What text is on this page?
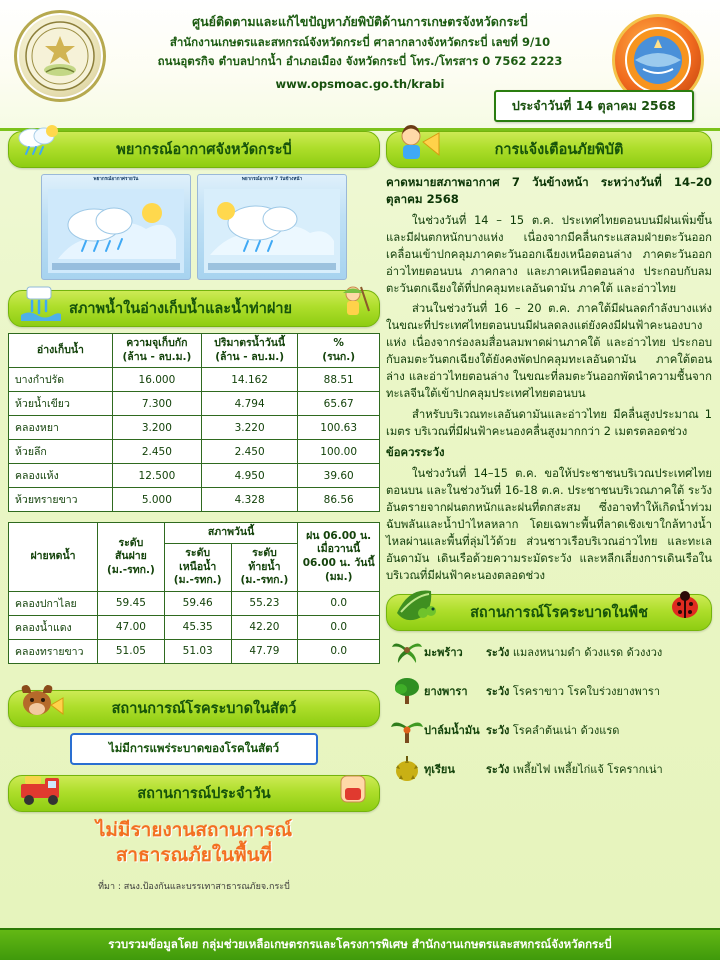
ศูนย์ติดตามและแก้ไขปัญหาภัยพิบัติด้านการเกษตรจังหวัดกระบี่
สำนักงานเกษตรและสหกรณ์จังหวัดกระบี่ ศาลากลางจังหวัดกระบี่ เลขที่ 9/10
ถนนอุตรกิจ ตำบลปากน้ำ อำเภอเมือง จังหวัดกระบี่ โทร./โทรสาร 0 7562 2223
www.opsmoac.go.th/krabi
ประจำวันที่ 14 ตุลาคม 2568
พยากรณ์อากาศจังหวัดกระบี่
พยากรณ์อากาศรายวัน	พยากรณ์อากาศ 7 วันข้างหน้า
สภาพน้ำในอ่างเก็บน้ำและน้ำท่าฝาย
อ่างเก็บน้ำ

ความจุเก็บกัก
(ล้าน - ลบ.ม.)

ปริมาตรน้ำวันนี้
(ล้าน - ลบ.ม.)

%
(รนก.)

บางกำปรัด	16.000	14.162	88.51
ห้วยน้ำเขียว	7.300	4.794	65.67
คลองหยา	3.200	3.220	100.63
ห้วยลึก	2.450	2.450	100.00
คลองแห้ง	12.500	4.950	39.60
ห้วยทรายขาว	5.000	4.328	86.56
ฝายหดน้ำ

ระดับ
สันฝาย
(ม.-รทก.)

สภาพวันนี้	ฝน 06.00 น.
เมื่อวานนี้
06.00 น. วันนี้
(มม.)

ระดับ
เหนือน้ำ
(ม.-รทก.)

ระดับ
ท้ายน้ำ
(ม.-รทก.)

คลองปกาไลย	59.45	59.46	55.23	0.0
คลองน้ำแดง	47.00	45.35	42.20	0.0
คลองทรายขาว	51.05	51.03	47.79	0.0
สถานการณ์โรคระบาดในสัตว์
ไม่มีการแพร่ระบาดของโรคในสัตว์
สถานการณ์ประจำวัน
ไม่มีรายงานสถานการณ์
สาธารณภัยในพื้นที่
ที่มา : สนง.ป้องกันและบรรเทาสาธารณภัยจ.กระบี่
การแจ้งเตือนภัยพิบัติ
คาดหมายสภาพอากาศ 7 วันข้างหน้า ระหว่างวันที่ 14–20 ตุลาคม 2568

ในช่วงวันที่ 14 – 15 ต.ค. ประเทศไทยตอนบนมีฝนเพิ่มขึ้น และมีฝนตกหนักบางแห่ง เนื่องจากมีคลื่นกระแสลมฝ่ายตะวันออกเคลื่อนเข้าปกคลุมภาคตะวันออกเฉียงเหนือตอนล่าง ภาคตะวันออก อ่าวไทยตอนบน ภาคกลาง และภาคเหนือตอนล่าง ประกอบกับลมตะวันตกเฉียงใต้ที่ปกคลุมทะเลอันดามัน ภาคใต้ และอ่าวไทย

ส่วนในช่วงวันที่ 16 – 20 ต.ค. ภาคใต้มีฝนลดกำลังบางแห่ง ในขณะที่ประเทศไทยตอนบนมีฝนลดลงแต่ยังคงมีฝนฟ้าคะนองบางแห่ง เนื่องจากร่องลมสื่อนลมพาดผ่านภาคใต้ และอ่าวไทย ประกอบกับลมตะวันตกเฉียงใต้ยังคงพัดปกคลุมทะเลอันดามัน ภาคใต้ตอนล่าง และอ่าวไทยตอนล่าง ในขณะที่ลมตะวันออกพัดนำความชื้นจากทะเลจีนใต้เข้าปกคลุมประเทศไทยตอนบน

สำหรับบริเวณทะเลอันดามันและอ่าวไทย มีคลื่นสูงประมาณ 1 เมตร บริเวณที่มีฝนฟ้าคะนองคลื่นสูงมากกว่า 2 เมตรตลอดช่วง

ข้อควรระวัง

ในช่วงวันที่ 14–15 ต.ค. ขอให้ประชาชนบริเวณประเทศไทยตอนบน และในช่วงวันที่ 16-18 ต.ค. ประชาชนบริเวณภาคใต้ ระวังอันตรายจากฝนตกหนักและฝนที่ตกสะสม ซึ่งอาจทำให้เกิดน้ำท่วมฉับพลันและน้ำป่าไหลหลาก โดยเฉพาะพื้นที่ลาดเชิงเขาใกล้ทางน้ำไหลผ่านและพื้นที่ลุ่มไว้ด้วย ส่วนชาวเรือบริเวณอ่าวไทย และทะเลอันดามัน เดินเรือด้วยความระมัดระวัง และหลีกเลี่ยงการเดินเรือในบริเวณที่มีฝนฟ้าคะนองตลอดช่วง

สถานการณ์โรคระบาดในพืช
มะพร้าว	ระวัง แมลงหนามดำ ด้วงแรด ด้วงงวง
ยางพารา	ระวัง โรคราขาว โรคใบร่วงยางพารา
ปาล์มน้ำมัน ระวัง โรคลำต้นเน่า ด้วงแรด
ทุเรียน	ระวัง เพลี้ยไฟ เพลี้ยไก่แจ้ โรครากเน่า
รวบรวมข้อมูลโดย กลุ่มช่วยเหลือเกษตรกรและโครงการพิเศษ สำนักงานเกษตรและสหกรณ์จังหวัดกระบี่
